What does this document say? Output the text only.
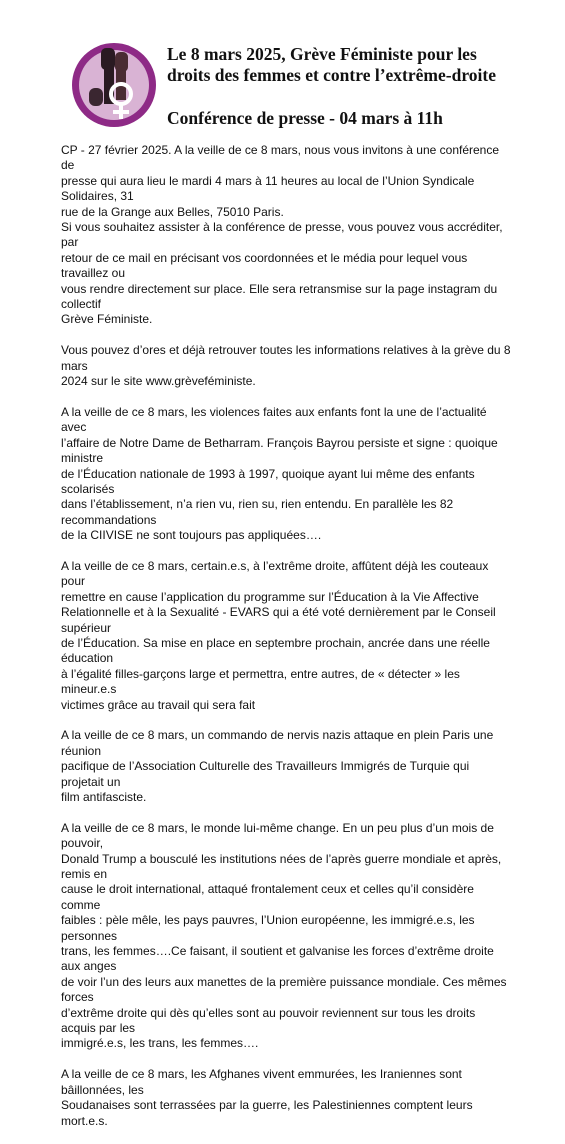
Le 8 mars 2025, Grève Féministe pour les
droits des femmes et contre l’extrême-droite

Conférence de presse - 04 mars à 11h

CP - 27 février 2025. A la veille de ce 8 mars, nous vous invitons à une conférence de
presse qui aura lieu le mardi 4 mars à 11 heures au local de l’Union Syndicale Solidaires, 31
rue de la Grange aux Belles, 75010 Paris.
Si vous souhaitez assister à la conférence de presse, vous pouvez vous accréditer, par
retour de ce mail en précisant vos coordonnées et le média pour lequel vous travaillez ou
vous rendre directement sur place. Elle sera retransmise sur la page instagram du collectif
Grève Féministe.

Vous pouvez d’ores et déjà retrouver toutes les informations relatives à la grève du 8 mars
2024 sur le site www.grèveféministe.

A la veille de ce 8 mars, les violences faites aux enfants font la une de l’actualité avec
l’affaire de Notre Dame de Betharram. François Bayrou persiste et signe : quoique ministre
de l’Éducation nationale de 1993 à 1997, quoique ayant lui même des enfants scolarisés
dans l’établissement, n’a rien vu, rien su, rien entendu. En parallèle les 82 recommandations
de la CIIVISE ne sont toujours pas appliquées….

A la veille de ce 8 mars, certain.e.s, à l’extrême droite, affûtent déjà les couteaux pour
remettre en cause l’application du programme sur l’Éducation à la Vie Affective
Relationnelle et à la Sexualité - EVARS qui a été voté dernièrement par le Conseil supérieur
de l’Éducation. Sa mise en place en septembre prochain, ancrée dans une réelle éducation
à l’égalité filles-garçons large et permettra, entre autres, de « détecter » les mineur.e.s
victimes grâce au travail qui sera fait

A la veille de ce 8 mars, un commando de nervis nazis attaque en plein Paris une réunion
pacifique de l’Association Culturelle des Travailleurs Immigrés de Turquie qui projetait un
film antifasciste.

A la veille de ce 8 mars, le monde lui-même change. En un peu plus d’un mois de pouvoir,
Donald Trump a bousculé les institutions nées de l’après guerre mondiale et après, remis en
cause le droit international, attaqué frontalement ceux et celles qu’il considère comme
faibles : pèle mêle, les pays pauvres, l’Union européenne, les immigré.e.s, les personnes
trans, les femmes….Ce faisant, il soutient et galvanise les forces d’extrême droite aux anges
de voir l’un des leurs aux manettes de la première puissance mondiale. Ces mêmes forces
d’extrême droite qui dès qu’elles sont au pouvoir reviennent sur tous les droits acquis par les
immigré.e.s, les trans, les femmes….

A la veille de ce 8 mars, les Afghanes vivent emmurées, les Iraniennes sont bâillonnées, les
Soudanaises sont terrassées par la guerre, les Palestiniennes comptent leurs mort.e.s.
